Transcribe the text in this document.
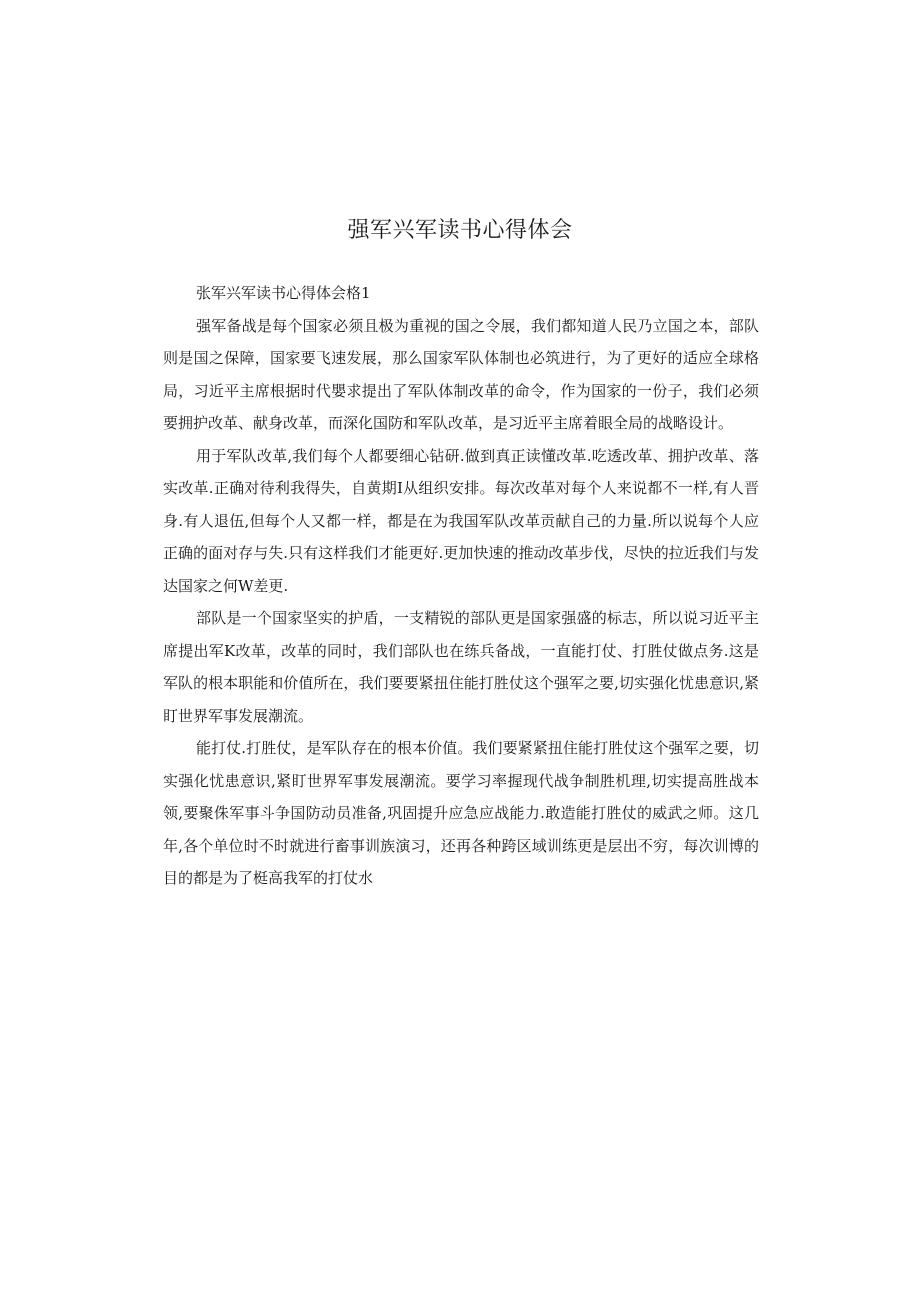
强军兴军读书心得体会

张军兴军读书心得体会格1

强军备战是每个国家必须且极为重视的国之令展，我们都知道人民乃立国之本，部队则是国之保障，国家要飞速发展，那么国家军队体制也必筑进行，为了更好的适应全球格局，习近平主席根据时代嬰求提出了军队体制改革的命令，作为国家的一份子，我们必须要拥护改革、献身改革，而深化国防和军队改革，是习近平主席着眼全局的战略设计。

用于军队改革,我们每个人都要细心钻研.做到真正读懂改革.吃透改革、拥护改革、落实改革.正确对待利我得失，自黄期I从组织安排。每次改革对每个人来说都不一样,有人晋身.有人退伍,但每个人又都一样，都是在为我国军队改革贡献自己的力量.所以说每个人应正确的面对存与失.只有这样我们才能更好.更加快速的推动改革步伐，尽快的拉近我们与发达国家之何W差更.

部队是一个国家坚实的护盾，一支精锐的部队更是国家强盛的标志，所以说习近平主席提出军K改革，改革的同时，我们部队也在练兵备战，一直能打仗、打胜仗做点务.这是军队的根本职能和价值所在，我们要要紧扭住能打胜仗这个强军之要,切实强化忧患意识,紧盯世界军事发展潮流。

能打仗.打胜仗，是军队存在的根本价值。我们要紧紧扭住能打胜仗这个强军之要，切实强化忧患意识,紧盯世界军事发展潮流。要学习率握现代战争制胜机理,切实提高胜战本领,要聚侏军事斗争国防动员准备,巩固提升应急应战能力.敢造能打胜仗的威武之师。这几年,各个单位时不时就进行畜事训族演习，还再各种跨区域训练更是层出不穷，每次训博的目的都是为了梃高我军的打仗水
